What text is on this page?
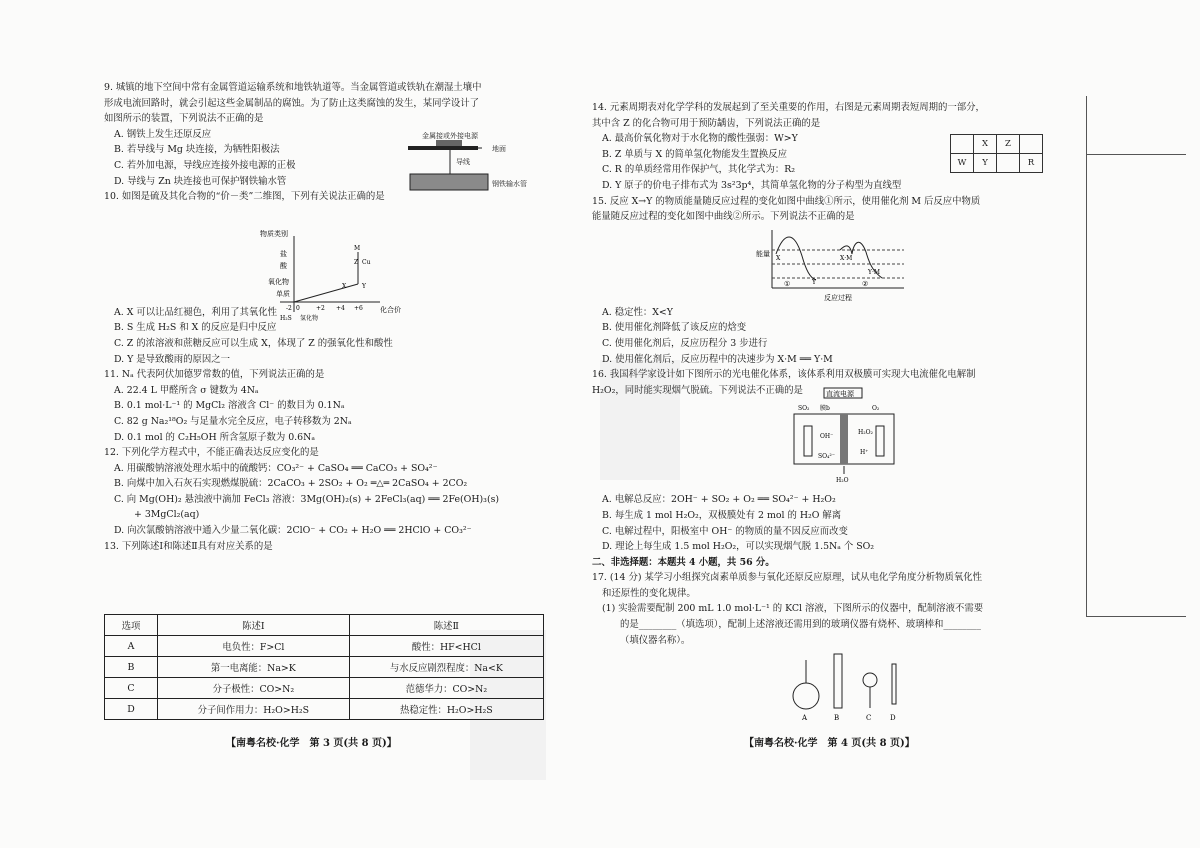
9. 城镇的地下空间中常有金属管道运输系统和地铁轨道等。当金属管道或铁轨在潮湿土壤中
形成电流回路时，就会引起这些金属制品的腐蚀。为了防止这类腐蚀的发生，某同学设计了
如图所示的装置，下列说法不正确的是
A. 钢铁上发生还原反应
B. 若导线与 Mg 块连接，为牺牲阳极法
C. 若外加电源，导线应连接外接电源的正极
D. 导线与 Zn 块连接也可保护钢铁输水管
10. 如图是硫及其化合物的“价－类”二维图，下列有关说法正确的是
A. X 可以让品红褪色，利用了其氧化性
B. S 生成 H₂S 和 X 的反应是归中反应
C. Z 的浓溶液和蔗糖反应可以生成 X，体现了 Z 的强氧化性和酸性
D. Y 是导致酸雨的原因之一
11. Nₐ 代表阿伏加德罗常数的值，下列说法正确的是
A. 22.4 L 甲醛所含 σ 键数为 4Nₐ
B. 0.1 mol·L⁻¹ 的 MgCl₂ 溶液含 Cl⁻ 的数目为 0.1Nₐ
C. 82 g Na₂¹⁸O₂ 与足量水完全反应，电子转移数为 2Nₐ
D. 0.1 mol 的 C₂H₅OH 所含氢原子数为 0.6Nₐ
12. 下列化学方程式中，不能正确表达反应变化的是
A. 用碳酸钠溶液处理水垢中的硫酸钙：CO₃²⁻ + CaSO₄ ══ CaCO₃ + SO₄²⁻
B. 向煤中加入石灰石实现燃煤脱硫：2CaCO₃ + 2SO₂ + O₂ ═△═ 2CaSO₄ + 2CO₂
C. 向 Mg(OH)₂ 悬浊液中滴加 FeCl₃ 溶液：3Mg(OH)₂(s) + 2FeCl₃(aq) ══ 2Fe(OH)₃(s)
+ 3MgCl₂(aq)
D. 向次氯酸钠溶液中通入少量二氧化碳：2ClO⁻ + CO₂ + H₂O ══ 2HClO + CO₃²⁻
13. 下列陈述Ⅰ和陈述Ⅱ具有对应关系的是
金属接或外接电源
地面
导线
钢铁输水管
物质类别
盐
酸
氧化物
单质
化合价
-2 0	+2 +4 +6
H₂S 氢化物
M
Z Cu
X	Y
选项	陈述Ⅰ	陈述Ⅱ
A	电负性：F>Cl	酸性：HF<HCl
B	第一电离能：Na>K	与水反应剧烈程度：Na<K
C	分子极性：CO>N₂	范德华力：CO>N₂
D	分子间作用力：H₂O>H₂S	热稳定性：H₂O>H₂S
【南粤名校·化学　第 3 页(共 8 页)】
14. 元素周期表对化学学科的发展起到了至关重要的作用，右图是元素周期表短周期的一部分，
其中含 Z 的化合物可用于预防龋齿，下列说法正确的是
A. 最高价氧化物对于水化物的酸性强弱：W>Y
B. Z 单质与 X 的简单氢化物能发生置换反应
C. R 的单质经常用作保护气，其化学式为：R₂
D. Y 原子的价电子排布式为 3s²3p⁴，其简单氢化物的分子构型为直线型
15. 反应 X→Y 的物质能量随反应过程的变化如图中曲线①所示，使用催化剂 M 后反应中物质
能量随反应过程的变化如图中曲线②所示。下列说法不正确的是
A. 稳定性：X<Y
B. 使用催化剂降低了该反应的焓变
C. 使用催化剂后，反应历程分 3 步进行
D. 使用催化剂后，反应历程中的决速步为 X·M ══ Y·M
16. 我国科学家设计如下图所示的光电催化体系，该体系利用双极膜可实现大电流催化电解制
H₂O₂，同时能实现烟气脱硫。下列说法不正确的是
A. 电解总反应：2OH⁻ + SO₂ + O₂ ══ SO₄²⁻ + H₂O₂
B. 每生成 1 mol H₂O₂，双极膜处有 2 mol 的 H₂O 解离
C. 电解过程中，阳极室中 OH⁻ 的物质的量不因反应而改变
D. 理论上每生成 1.5 mol H₂O₂，可以实现烟气脱 1.5Nₐ 个 SO₂
二、非选择题：本题共 4 小题，共 56 分。
17. (14 分) 某学习小组探究卤素单质参与氧化还原反应原理，试从电化学角度分析物质氧化性
和还原性的变化规律。
(1) 实验需要配制 200 mL 1.0 mol·L⁻¹ 的 KCl 溶液，下图所示的仪器中，配制溶液不需要
的是________（填选项），配制上述溶液还需用到的玻璃仪器有烧杯、玻璃棒和________
（填仪器名称）。
	X	Z	
W	Y		R
能量
反应过程
①	②
X
Y
X·M
Y·M
直流电源
SO₂ 膜b	O₂
OH⁻
H₂O₂
SO₄²⁻
H⁺
H₂O
A	B	C	D
【南粤名校·化学　第 4 页(共 8 页)】
